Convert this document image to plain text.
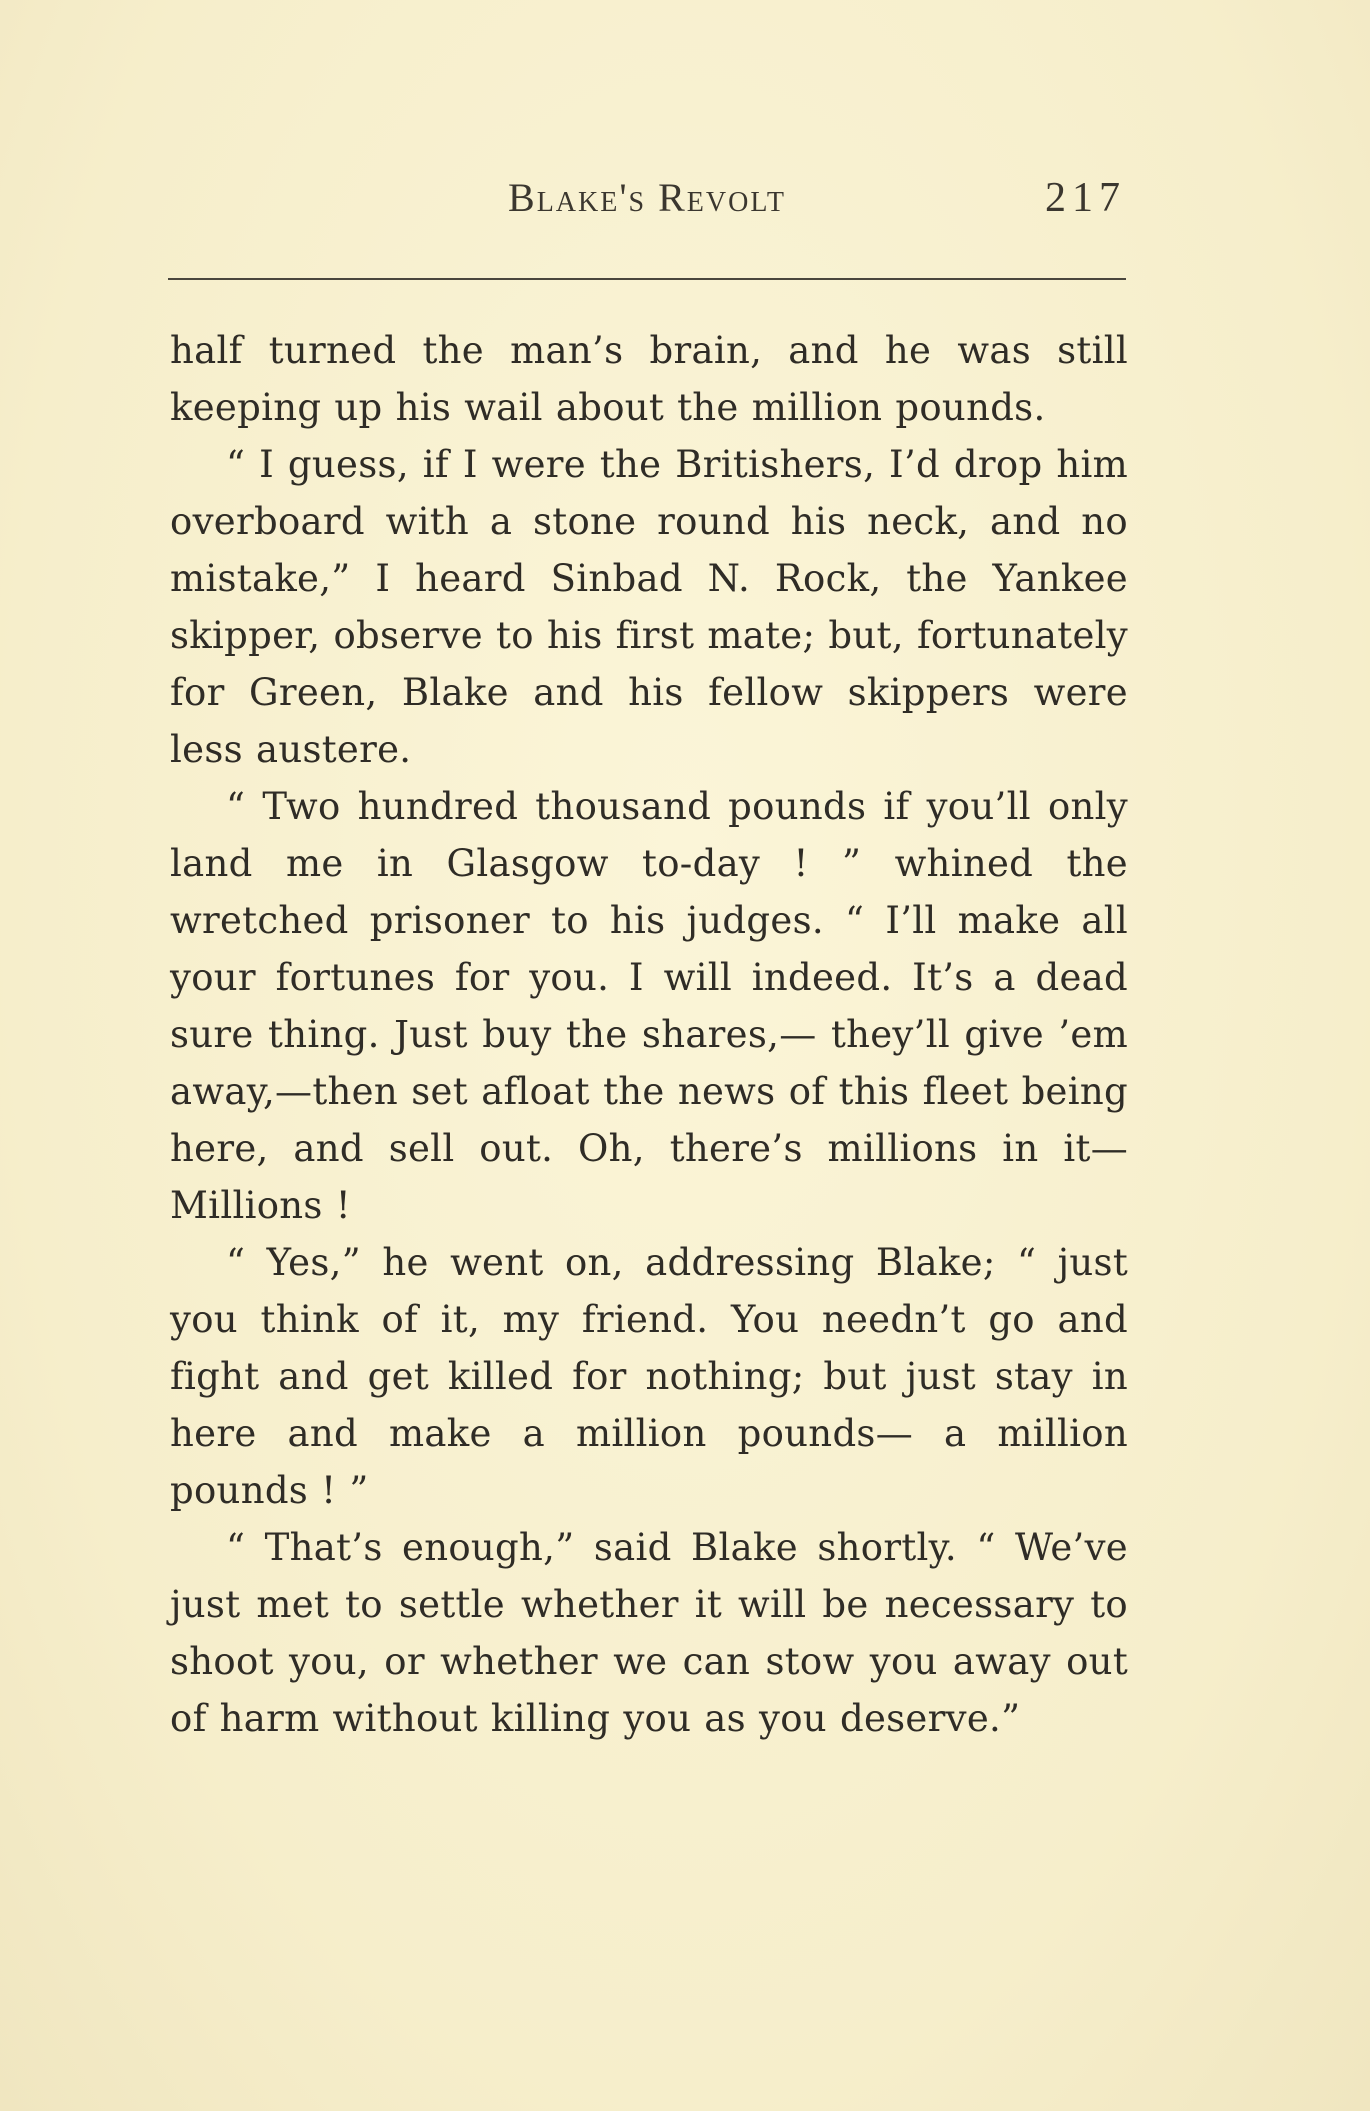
Blake's Revolt	217

half turned the man’s brain, and he was still keeping up his wail about the million pounds.

“ I guess, if I were the Britishers, I’d drop him overboard with a stone round his neck, and no mistake,” I heard Sinbad N. Rock, the Yankee skipper, observe to his first mate; but, fortunately for Green, Blake and his fellow skippers were less austere.

“ Two hundred thousand pounds if you’ll only land me in Glasgow to-day ! ” whined the wretched prisoner to his judges. “ I’ll make all your fortunes for you. I will indeed. It’s a dead sure thing. Just buy the shares,— they’ll give ’em away,—then set afloat the news of this fleet being here, and sell out. Oh, there’s millions in it—Millions !

“ Yes,” he went on, addressing Blake; “ just you think of it, my friend. You needn’t go and fight and get killed for nothing; but just stay in here and make a million pounds— a million pounds ! ”

“ That’s enough,” said Blake shortly. “ We’ve just met to settle whether it will be necessary to shoot you, or whether we can stow you away out of harm without killing you as you deserve.”
